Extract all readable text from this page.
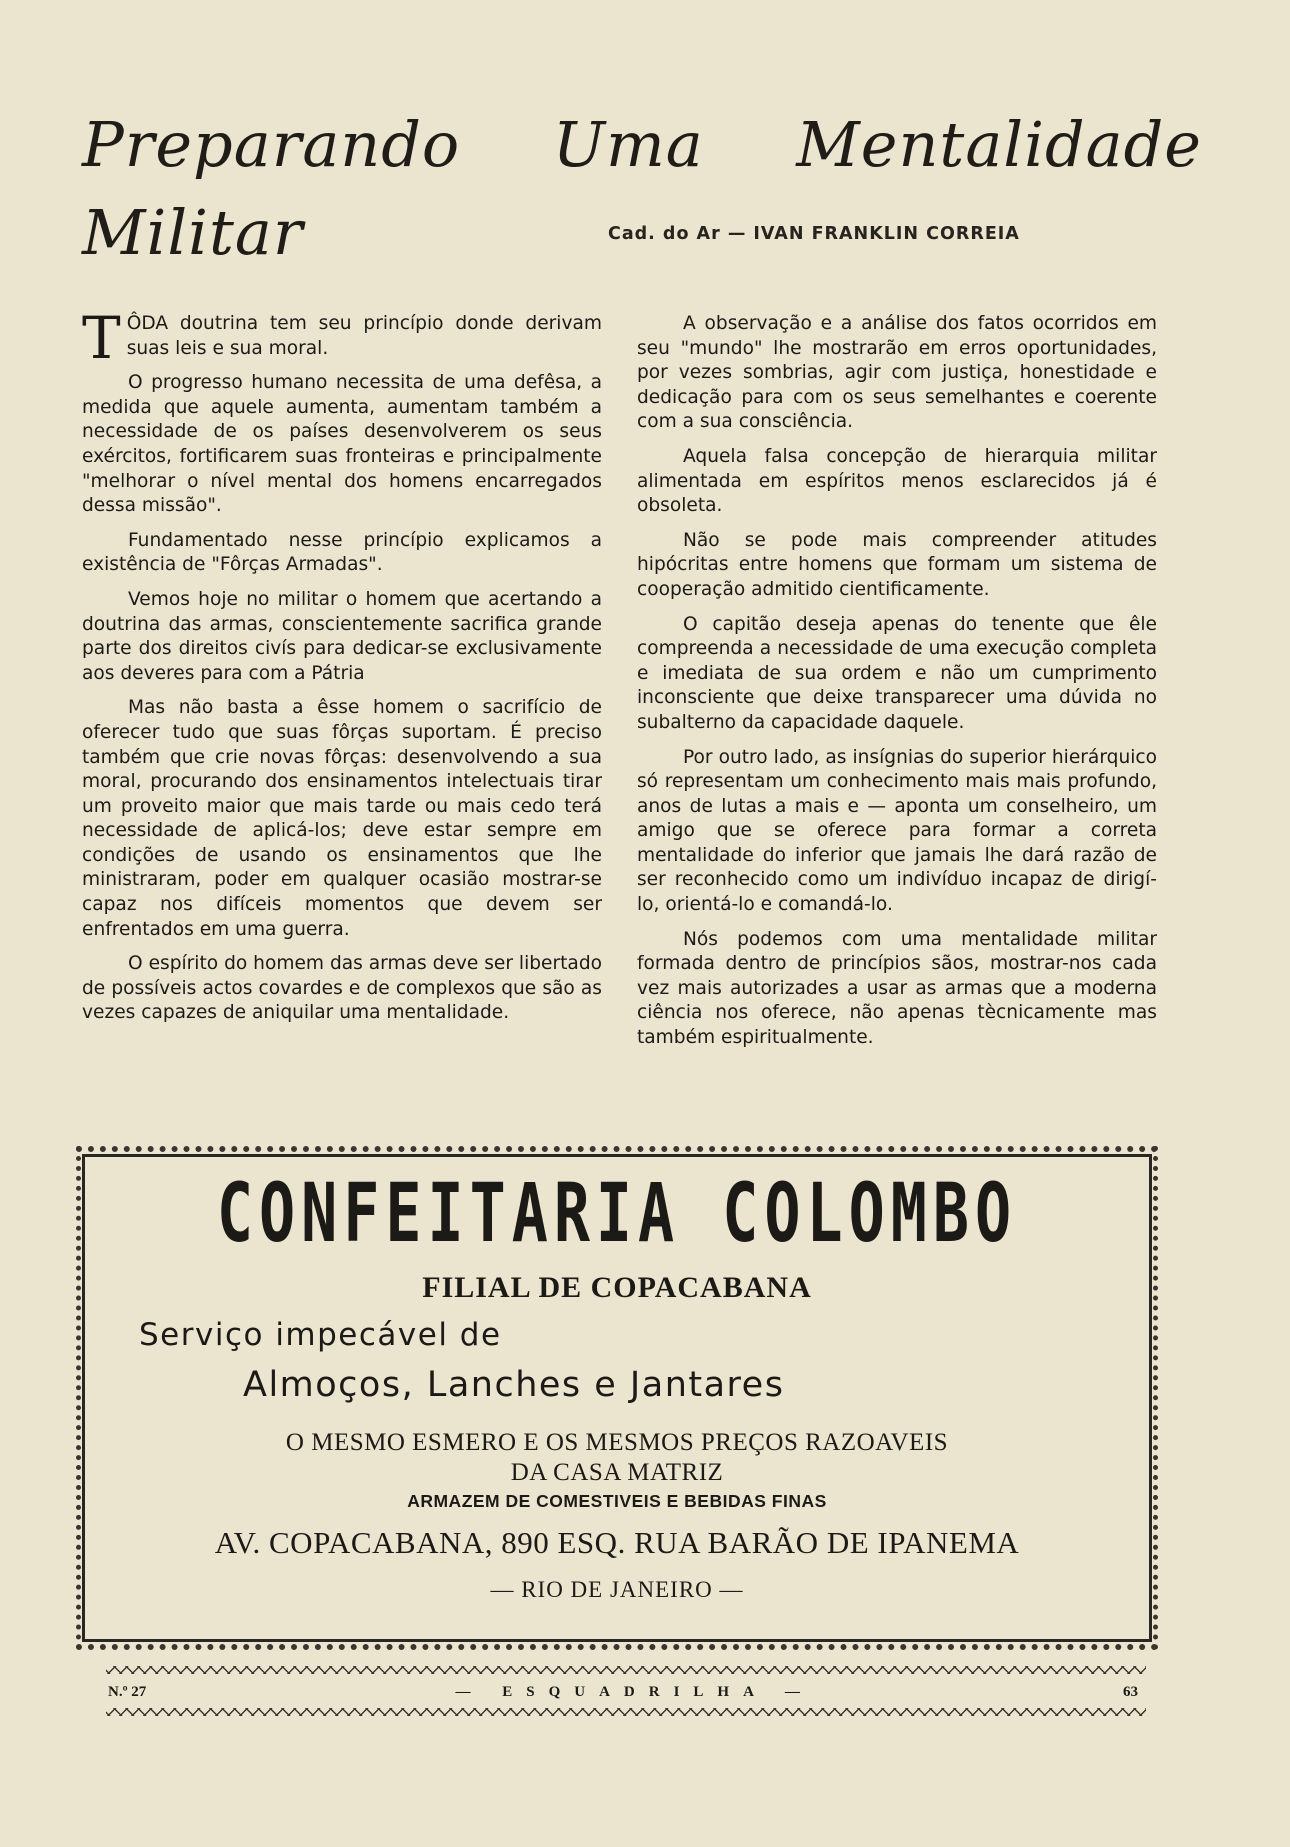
Preparando Uma Mentalidade
Militar	Cad. do Ar — IVAN FRANKLIN CORREIA

TÔDA doutrina tem seu princípio donde derivam suas leis e sua moral.

O progresso humano necessita de uma defêsa, a medida que aquele aumenta, aumentam também a necessidade de os países desenvolverem os seus exércitos, fortificarem suas fronteiras e principalmente "melhorar o nível mental dos homens encarregados dessa missão".

Fundamentado nesse princípio explicamos a existência de "Fôrças Armadas".

Vemos hoje no militar o homem que acertando a doutrina das armas, conscientemente sacrifica grande parte dos direitos civís para dedicar-se exclusivamente aos deveres para com a Pátria

Mas não basta a êsse homem o sacrifício de oferecer tudo que suas fôrças suportam. É preciso também que crie novas fôrças: desenvolvendo a sua moral, procurando dos ensinamentos intelectuais tirar um proveito maior que mais tarde ou mais cedo terá necessidade de aplicá-los; deve estar sempre em condições de usando os ensinamentos que lhe ministraram, poder em qualquer ocasião mostrar-se capaz nos difíceis momentos que devem ser enfrentados em uma guerra.

O espírito do homem das armas deve ser libertado de possíveis actos covardes e de complexos que são as vezes capazes de aniquilar uma mentalidade.

A observação e a análise dos fatos ocorridos em seu "mundo" lhe mostrarão em erros oportunidades, por vezes sombrias, agir com justiça, honestidade e dedicação para com os seus semelhantes e coerente com a sua consciência.

Aquela falsa concepção de hierarquia militar alimentada em espíritos menos esclarecidos já é obsoleta.

Não se pode mais compreender atitudes hipócritas entre homens que formam um sistema de cooperação admitido cientificamente.

O capitão deseja apenas do tenente que êle compreenda a necessidade de uma execução completa e imediata de sua ordem e não um cumprimento inconsciente que deixe transparecer uma dúvida no subalterno da capacidade daquele.

Por outro lado, as insígnias do superior hierárquico só representam um conhecimento mais mais profundo, anos de lutas a mais e — aponta um conselheiro, um amigo que se oferece para formar a correta mentalidade do inferior que jamais lhe dará razão de ser reconhecido como um indivíduo incapaz de dirigí-lo, orientá-lo e comandá-lo.

Nós podemos com uma mentalidade militar formada dentro de princípios sãos, mostrar-nos cada vez mais autorizades a usar as armas que a moderna ciência nos oferece, não apenas tècnicamente mas também espiritualmente.

CONFEITARIA COLOMBO
FILIAL DE COPACABANA
Serviço impecável de
Almoços, Lanches e Jantares
O MESMO ESMERO E OS MESMOS PREÇOS RAZOAVEIS
DA CASA MATRIZ
ARMAZEM DE COMESTIVEIS E BEBIDAS FINAS
AV. COPACABANA, 890 ESQ. RUA BARÃO DE IPANEMA
— RIO DE JANEIRO —
N.º 27	— ESQUADRILHA —	63
